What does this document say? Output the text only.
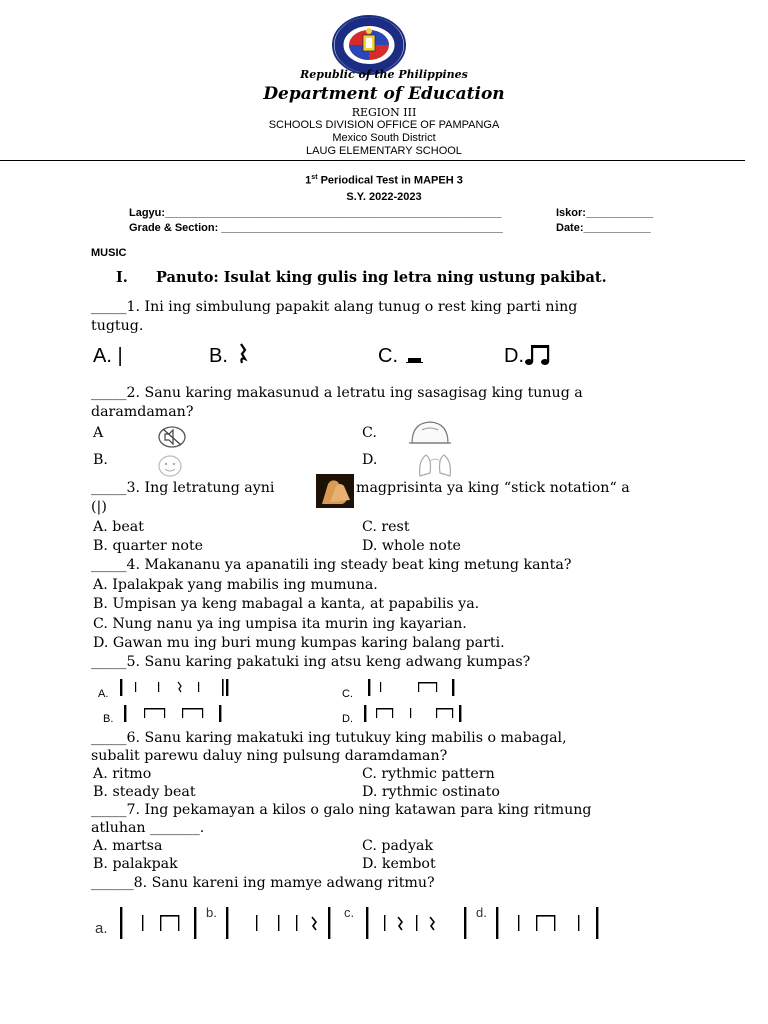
Republic of the Philippines
Department of Education
REGION III
SCHOOLS DIVISION OFFICE OF PAMPANGA
Mexico South District
LAUG ELEMENTARY SCHOOL
1st Periodical Test in MAPEH 3
S.Y. 2022-2023
Lagyu:_______________________________________________________	Iskor:___________
Grade & Section: ______________________________________________	Date:___________
MUSIC
I. Panuto: Isulat king gulis ing letra ning ustung pakibat.
_____1. Ini ing simbulung papakit alang tunug o rest king parti ning
tugtug.
A. |	B.	C.	D.
_____2. Sanu karing makasunud a letratu ing sasagisag king tunug a
daramdaman?
A	C.
B.	D.
_____3. Ing letratung ayni	magprisinta ya king “stick notation“ a
(|)
A. beat	C. rest
B. quarter note	D. whole note
_____4. Makananu ya apanatili ing steady beat king metung kanta?
A. Ipalakpak yang mabilis ing mumuna.
B. Umpisan ya keng mabagal a kanta, at papabilis ya.
C. Nung nanu ya ing umpisa ita murin ing kayarian.
D. Gawan mu ing buri mung kumpas karing balang parti.
_____5. Sanu karing pakatuki ing atsu keng adwang kumpas?
A.	C.
B.	D.
_____6. Sanu karing makatuki ing tutukuy king mabilis o mabagal,
subalit parewu daluy ning pulsung daramdaman?
A. ritmo	C. rythmic pattern
B. steady beat	D. rythmic ostinato
_____7. Ing pekamayan a kilos o galo ning katawan para king ritmung
atluhan _______.
A. martsa	C. padyak
B. palakpak	D. kembot
______8. Sanu kareni ing mamye adwang ritmu?
a.
b.	c.	d.
